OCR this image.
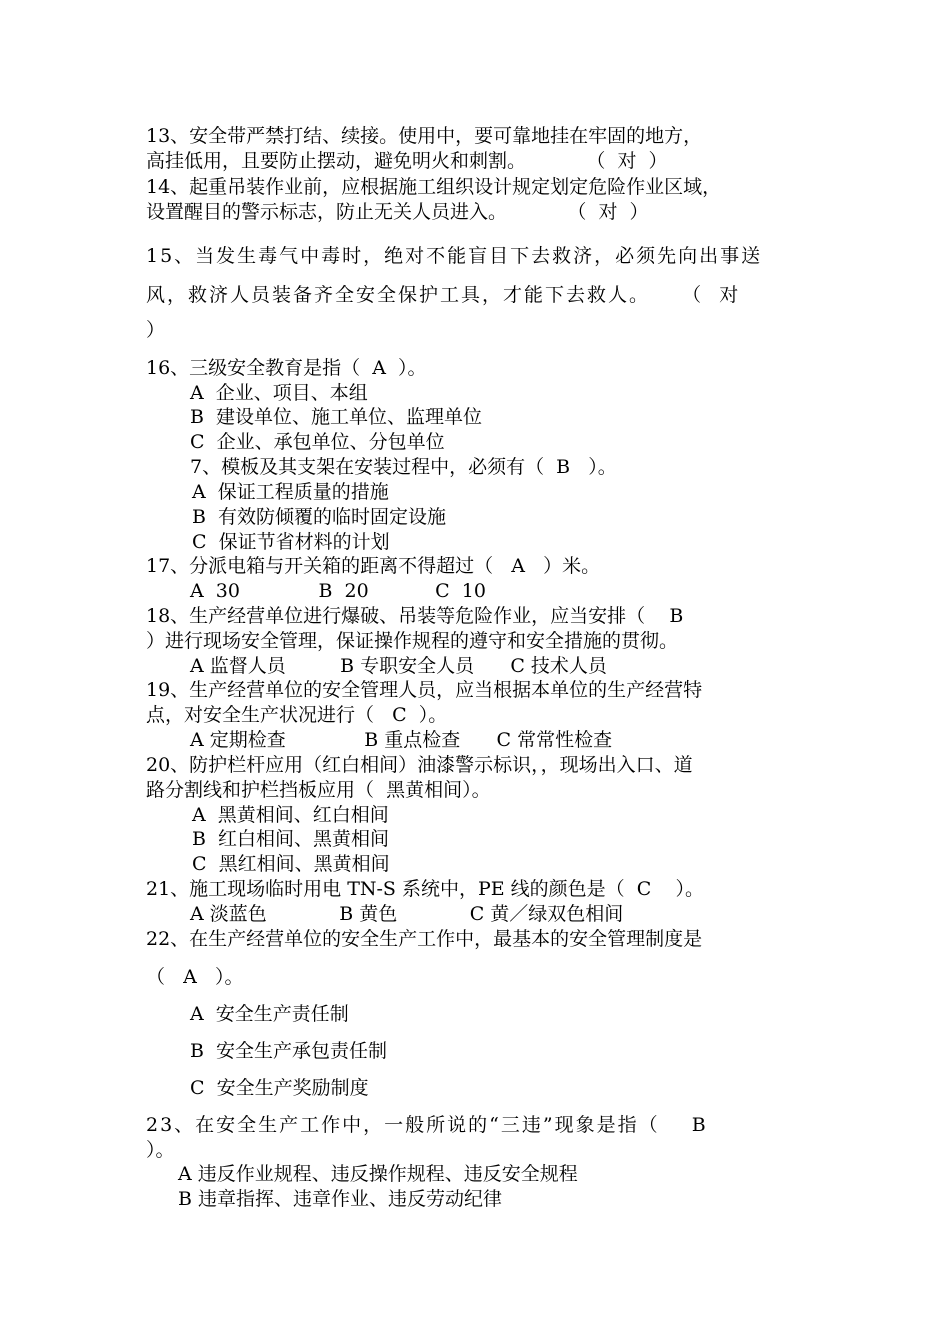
13、安全带严禁打结、续接。使用中，要可靠地挂在牢固的地方，
高挂低用，且要防止摆动，避免明火和刺割。          （  对  ）
14、起重吊装作业前，应根据施工组织设计规定划定危险作业区域，
设置醒目的警示标志，防止无关人员进入。          （  对  ）
15、当发生毒气中毒时，绝对不能盲目下去救济，必须先向出事送
风，救济人员装备齐全安全保护工具，才能下去救人。    （  对
）
16、三级安全教育是指（  A  ）。
A  企业、项目、本组
B  建设单位、施工单位、监理单位
C  企业、承包单位、分包单位
7、模板及其支架在安装过程中，必须有（  B   ）。
A  保证工程质量的措施
B  有效防倾覆的临时固定设施
C  保证节省材料的计划
17、分派电箱与开关箱的距离不得超过（   A   ）米。
A  30             B  20           C  10
18、生产经营单位进行爆破、吊装等危险作业，应当安排（    B
）进行现场安全管理，保证操作规程的遵守和安全措施的贯彻。
A 监督人员         B 专职安全人员      C 技术人员
19、生产经营单位的安全管理人员，应当根据本单位的生产经营特
点，对安全生产状况进行（   C  ）。
A 定期检查             B 重点检查      C 常常性检查
20、防护栏杆应用（红白相间）油漆警示标识，，现场出入口、道
路分割线和护栏挡板应用（  黑黄相间）。
A  黑黄相间、红白相间
B  红白相间、黑黄相间
C  黑红相间、黑黄相间
21、施工现场临时用电 TN-S 系统中，PE 线的颜色是（  C    ）。
A 淡蓝色            B 黄色            C 黄／绿双色相间
22、在生产经营单位的安全生产工作中，最基本的安全管理制度是
（   A   ）。
A  安全生产责任制
B  安全生产承包责任制
C  安全生产奖励制度
23、在安全生产工作中，一般所说的“三违”现象是指（    B
）。
A 违反作业规程、违反操作规程、违反安全规程
B 违章指挥、违章作业、违反劳动纪律
